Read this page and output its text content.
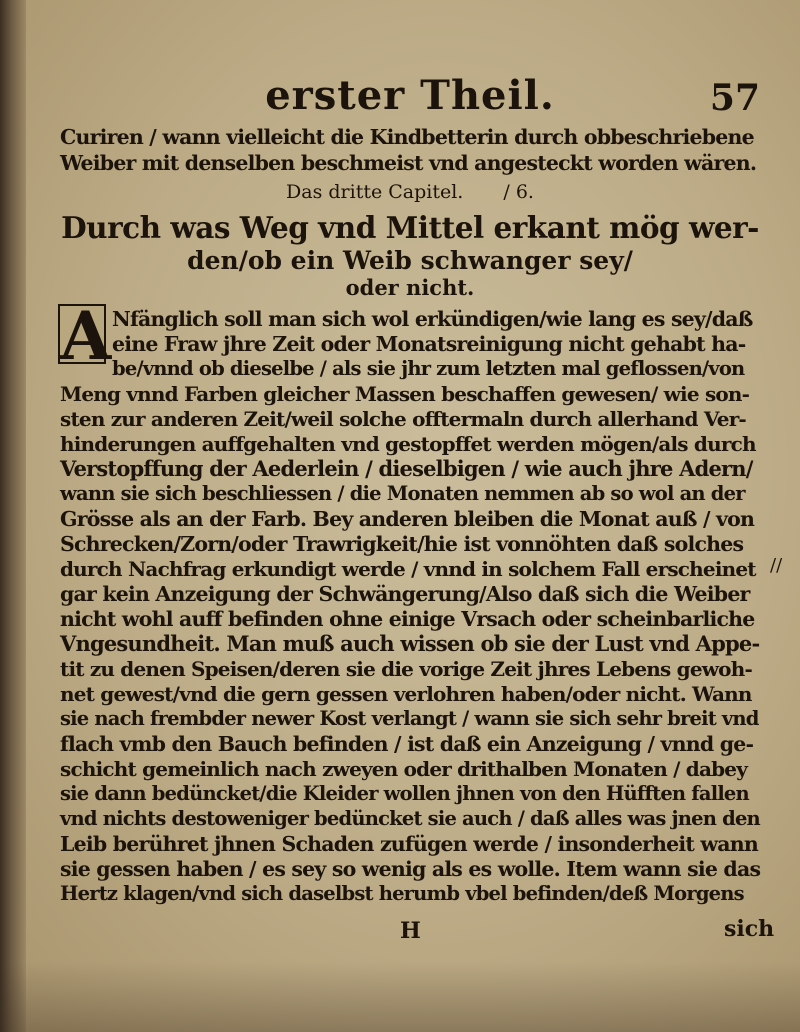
erster Theil.	57
Curiren / wann vielleicht die Kindbetterin durch obbeschriebene
Weiber mit denselben beschmeist vnd angesteckt worden wären.
Das dritte Capitel. / 6.
Durch was Weg vnd Mittel erkant mög wer-
den/ob ein Weib schwanger sey/
oder nicht.
A Nfänglich soll man sich wol erkündigen/wie lang es sey/daß
eine Fraw jhre Zeit oder Monatsreinigung nicht gehabt ha-
be/vnnd ob dieselbe / als sie jhr zum letzten mal geflossen/von
Meng vnnd Farben gleicher Massen beschaffen gewesen/ wie son-
sten zur anderen Zeit/weil solche offtermaln durch allerhand Ver-
hinderungen auffgehalten vnd gestopffet werden mögen/als durch
Verstopffung der Aederlein / dieselbigen / wie auch jhre Adern/
wann sie sich beschliessen / die Monaten nemmen ab so wol an der
Grösse als an der Farb. Bey anderen bleiben die Monat auß / von
Schrecken/Zorn/oder Trawrigkeit/hie ist vonnöhten daß solches
durch Nachfrag erkundigt werde / vnnd in solchem Fall erscheinet
gar kein Anzeigung der Schwängerung/Also daß sich die Weiber
nicht wohl auff befinden ohne einige Vrsach oder scheinbarliche
Vngesundheit. Man muß auch wissen ob sie der Lust vnd Appe-
tit zu denen Speisen/deren sie die vorige Zeit jhres Lebens gewoh-
net gewest/vnd die gern gessen verlohren haben/oder nicht. Wann
sie nach frembder newer Kost verlangt / wann sie sich sehr breit vnd
flach vmb den Bauch befinden / ist daß ein Anzeigung / vnnd ge-
schicht gemeinlich nach zweyen oder drithalben Monaten / dabey
sie dann bedüncket/die Kleider wollen jhnen von den Hüfften fallen
vnd nichts destoweniger bedüncket sie auch / daß alles was jnen den
Leib berühret jhnen Schaden zufügen werde / insonderheit wann
sie gessen haben / es sey so wenig als es wolle. Item wann sie das
Hertz klagen/vnd sich daselbst herumb vbel befinden/deß Morgens
//
H	sich
